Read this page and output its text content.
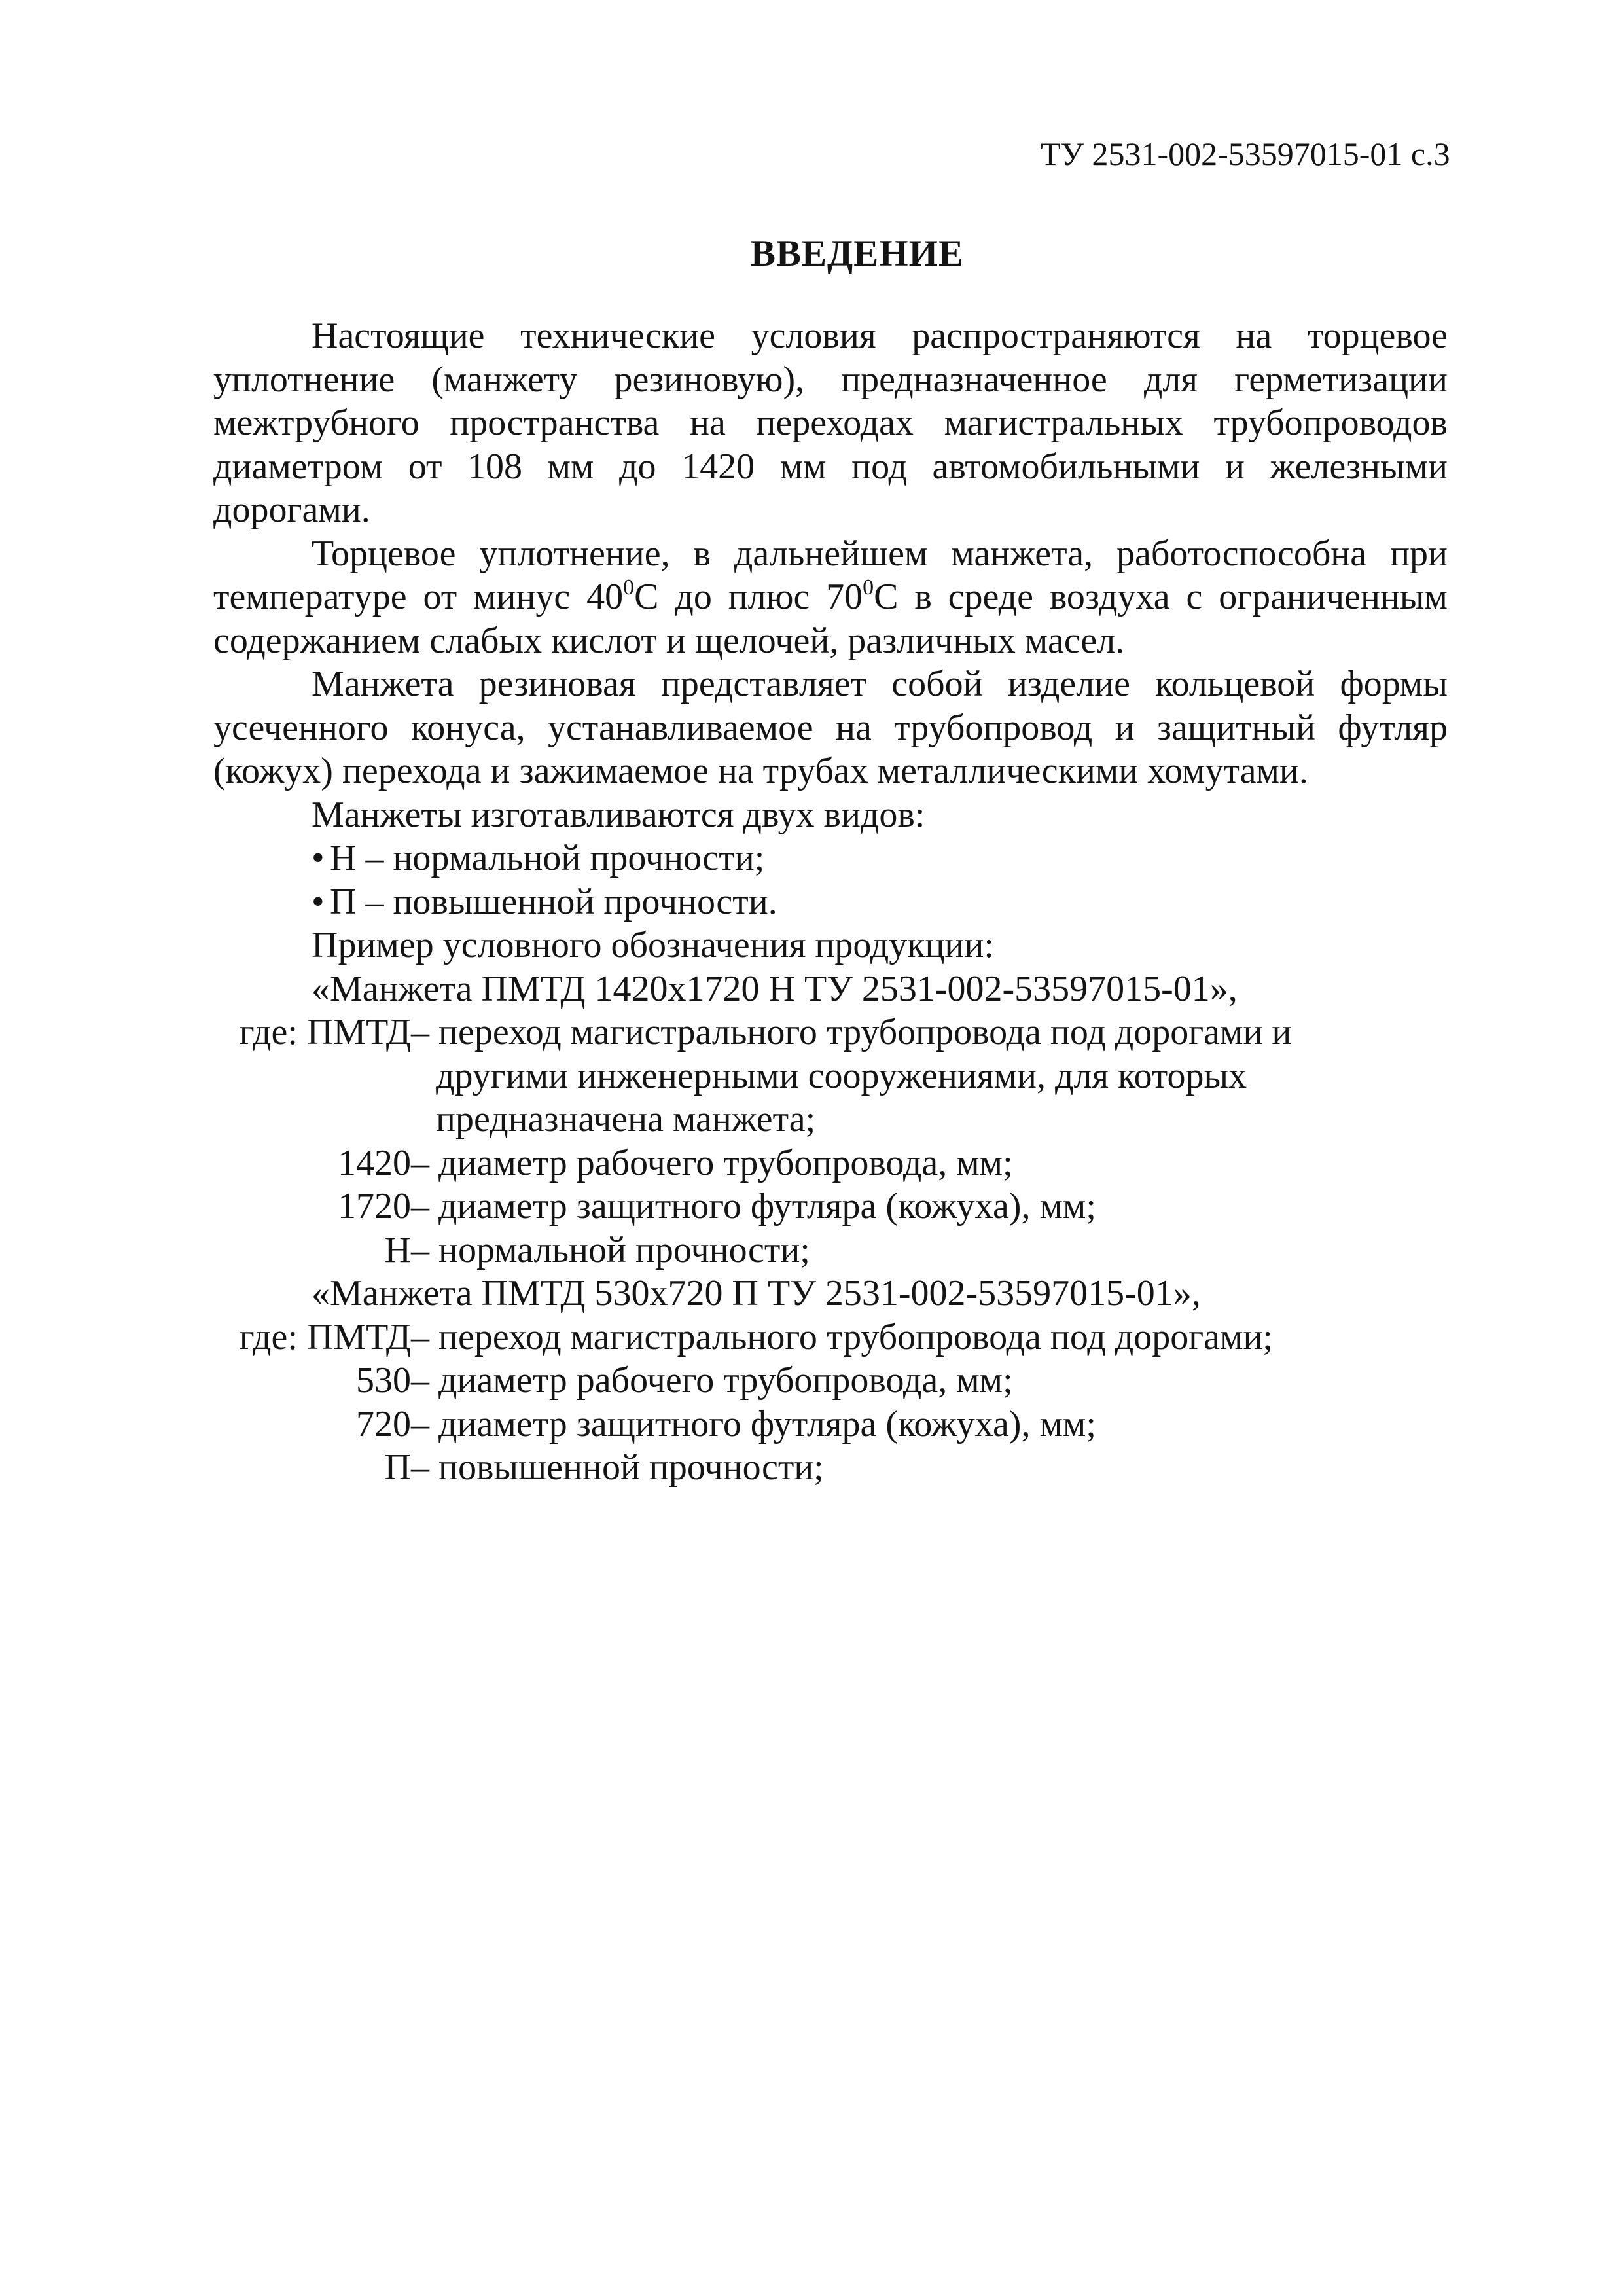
ТУ 2531-002-53597015-01 с.3
ВВЕДЕНИЕ

Настоящие технические условия распространяются на торцевое уплотнение (манжету резиновую), предназначенное для герметизации межтрубного пространства на переходах магистральных трубопроводов диаметром от 108 мм до 1420 мм под автомобильными и железными дорогами.

Торцевое уплотнение, в дальнейшем манжета, работоспособна при температуре от минус $40^0С$ до плюс $70^0С$ в среде воздуха с ограниченным содержанием слабых кислот и щелочей, различных масел.

Манжета резиновая представляет собой изделие кольцевой формы усеченного конуса, устанавливаемое на трубопровод и защитный футляр (кожух) перехода и зажимаемое на трубах металлическими хомутами.

Манжеты изготавливаются двух видов:

• Н – нормальной прочности;

• П – повышенной прочности.

Пример условного обозначения продукции:

«Манжета ПМТД 1420х1720 Н ТУ 2531-002-53597015-01»,

где: ПМТД – переход магистрального трубопровода под дорогами и

другими инженерными сооружениями, для которых

предназначена манжета;

1420 – диаметр рабочего трубопровода, мм;

1720 – диаметр защитного футляра (кожуха), мм;

Н – нормальной прочности;

«Манжета ПМТД 530х720 П ТУ 2531-002-53597015-01»,

где: ПМТД – переход магистрального трубопровода под дорогами;

530 – диаметр рабочего трубопровода, мм;

720 – диаметр защитного футляра (кожуха), мм;

П – повышенной прочности;
